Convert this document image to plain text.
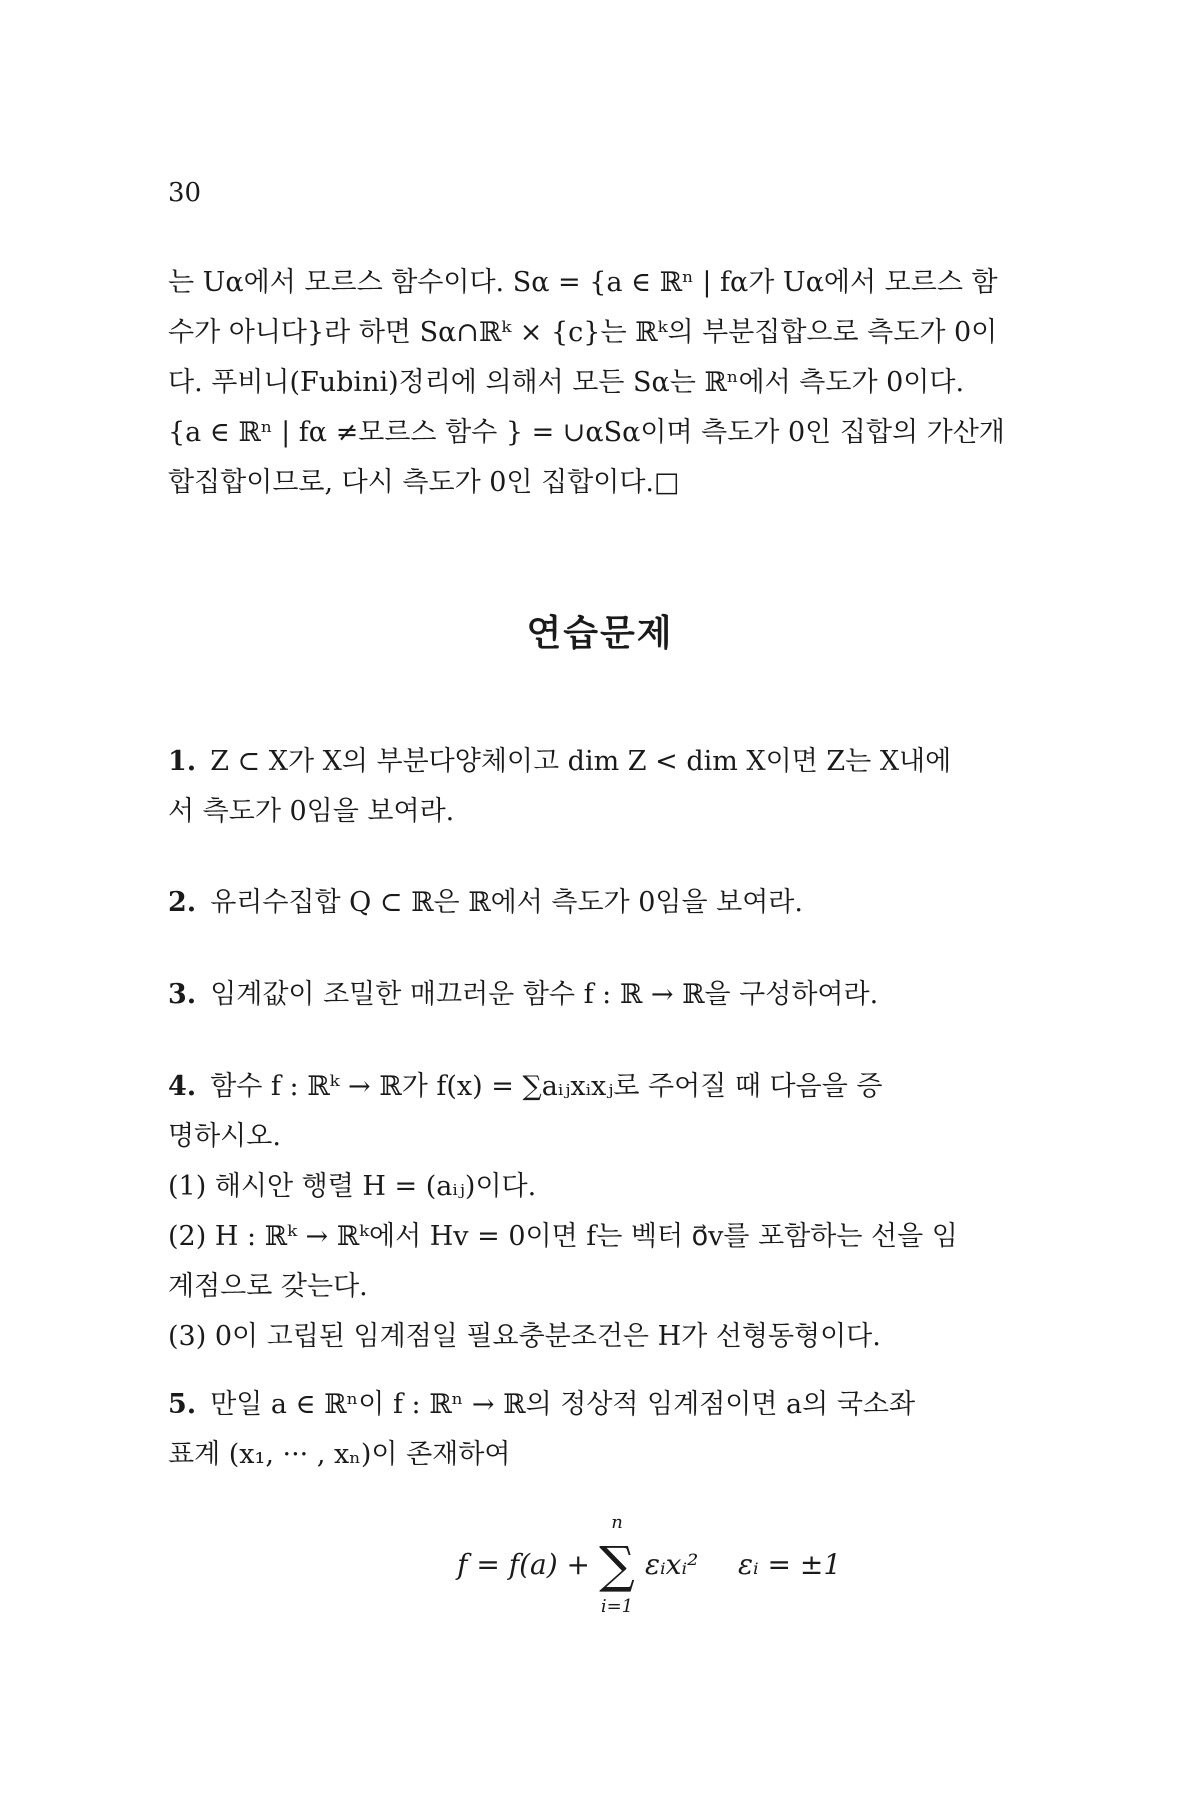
30
는 Uα에서 모르스 함수이다. Sα = {a ∈ ℝⁿ | fα가 Uα에서 모르스 함
수가 아니다}라 하면 Sα∩ℝᵏ × {c}는 ℝᵏ의 부분집합으로 측도가 0이
다. 푸비니(Fubini)정리에 의해서 모든 Sα는 ℝⁿ에서 측도가 0이다.
{a ∈ ℝⁿ | fα ≠모르스 함수 } = ∪αSα이며 측도가 0인 집합의 가산개
합집합이므로, 다시 측도가 0인 집합이다.□
연습문제
1. Z ⊂ X가 X의 부분다양체이고 dim Z < dim X이면 Z는 X내에
서 측도가 0임을 보여라.
2. 유리수집합 Q ⊂ ℝ은 ℝ에서 측도가 0임을 보여라.
3. 임계값이 조밀한 매끄러운 함수 f : ℝ → ℝ을 구성하여라.
4. 함수 f : ℝᵏ → ℝ가 f(x) = ∑aᵢⱼxᵢxⱼ로 주어질 때 다음을 증
명하시오.
(1) 해시안 행렬 H = (aᵢⱼ)이다.
(2) H : ℝᵏ → ℝᵏ에서 Hv = 0이면 f는 벡터 o⃗v를 포함하는 선을 임
계점으로 갖는다.
(3) 0이 고립된 임계점일 필요충분조건은 H가 선형동형이다.
5. 만일 a ∈ ℝⁿ이 f : ℝⁿ → ℝ의 정상적 임계점이면 a의 국소좌
표계 (x₁, ··· , xₙ)이 존재하여
f = f(a) +
n
∑
i=1
εᵢxᵢ² εᵢ = ±1
